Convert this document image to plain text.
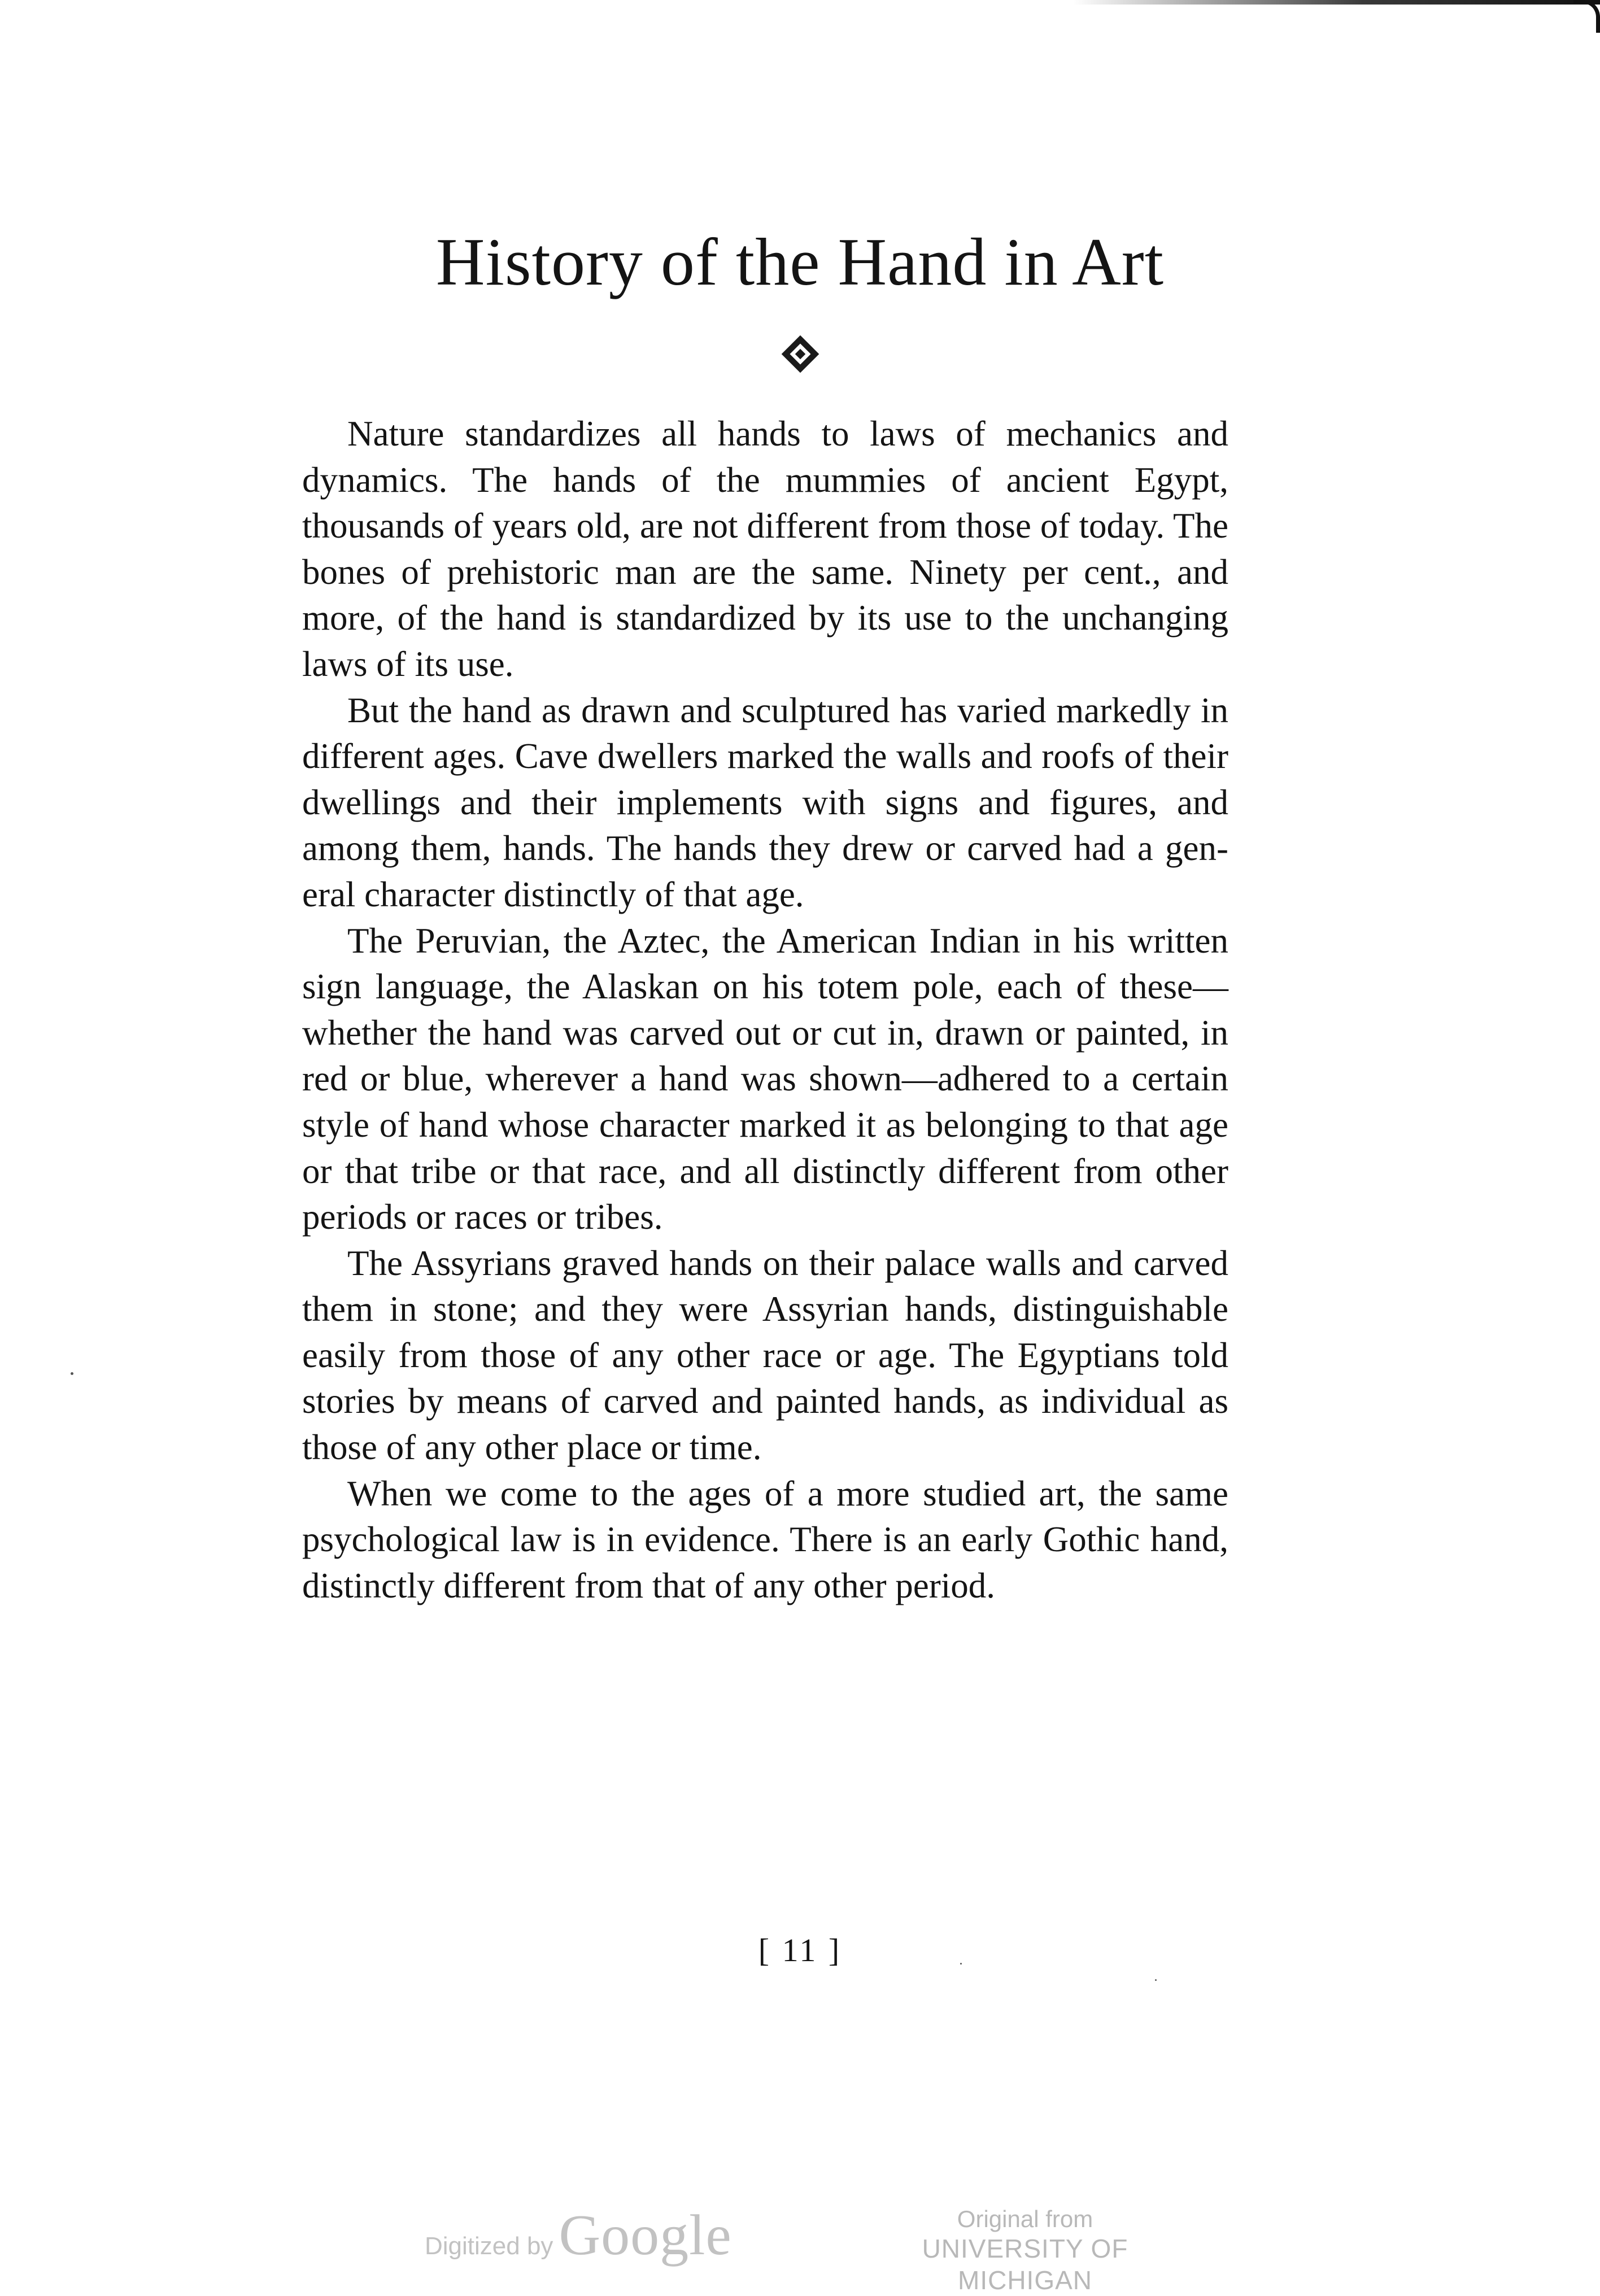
History of the Hand in Art

Nature standardizes all hands to laws of mechanics and dynamics. The hands of the mummies of ancient Egypt, thousands of years old, are not different from those of today. The bones of prehistoric man are the same. Ninety per cent., and more, of the hand is standardized by its use to the unchanging laws of its use.

But the hand as drawn and sculptured has varied markedly in different ages. Cave dwellers marked the walls and roofs of their dwellings and their implements with signs and figures, and among them, hands. The hands they drew or carved had a general character distinctly of that age.

The Peruvian, the Aztec, the American Indian in his written sign language, the Alaskan on his totem pole, each of these—whether the hand was carved out or cut in, drawn or painted, in red or blue, wherever a hand was shown—adhered to a certain style of hand whose character marked it as belonging to that age or that tribe or that race, and all distinctly different from other periods or races or tribes.

The Assyrians graved hands on their palace walls and carved them in stone; and they were Assyrian hands, distinguishable easily from those of any other race or age. The Egyptians told stories by means of carved and painted hands, as individual as those of any other place or time.

When we come to the ages of a more studied art, the same psychological law is in evidence. There is an early Gothic hand, distinctly different from that of any other period.

[ 11 ]
Digitized byGoogle	Original from
UNIVERSITY OF MICHIGAN
